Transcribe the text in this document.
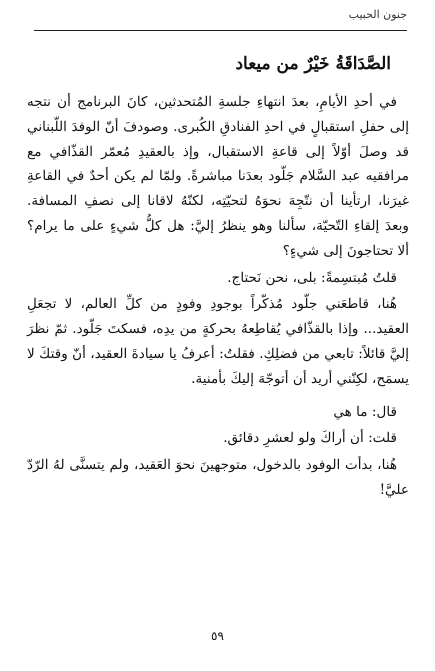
جنون الحبيب
الصَّدَاقَةُ خَيْرٌ من ميعاد

في أحدِ الأيامِ، بعدَ انتهاءِ جلسةِ المُتحدثين، كانَ البرنامج أن نتجه إلى حفلِ استقبالٍ في احدِ الفنادقِ الكُبرى. وصودفَ أنّ الوفدَ اللّبناني قد وصلَ أوّلاً إلى قاعةِ الاستقبال، وإذ بالعقيدِ مُعمّر القذّافي مع مرافقيه عبد السَّلام جَلّود بعدَنا مباشرةً. ولمّا لم يكن أحدٌ في القاعةِ غيرَنا، ارتأينا أن نتّجِهَ نحوَهُ لتحيّتِه، لكنّهُ لاقانا إلى نصفِ المسافة. وبعدَ إلقاءِ التّحيّة، سألنا وهو ينظرُ إليَّ: هل كلُّ شيءٍ على ما يرام؟ ألا تحتاجونَ إلى شيءٍ؟

قلتُ مُبتسِمةً: بلى، نحن نَحتاج.

هُنا، قاطعَني جلّود مُذكّراً بوجودِ وفودٍ من كلِّ العالم، لا تجعَلِ العقيد... وإذا بالقذّافي يُقاطِعهُ بحركةٍ من يدِه، فسكتَ جَلّود. ثمّ نظرَ إليَّ قائلاً: تابعي من فضلِكِ. فقلتُ: أعرفُ يا سيادةَ العقيد، أنّ وقتكَ لا يسمَح، لكِنّني أريد أن أتوجّهَ إليكَ بأمنية.

قال: ما هي

قلت: أن أراكَ ولو لعشرِ دقائق.

هُنا، بدأت الوفود بالدخول، متوجهينَ نحوَ العَقيد، ولم يتسنَّى لهُ الرّدّ عليَّ!

٥٩
